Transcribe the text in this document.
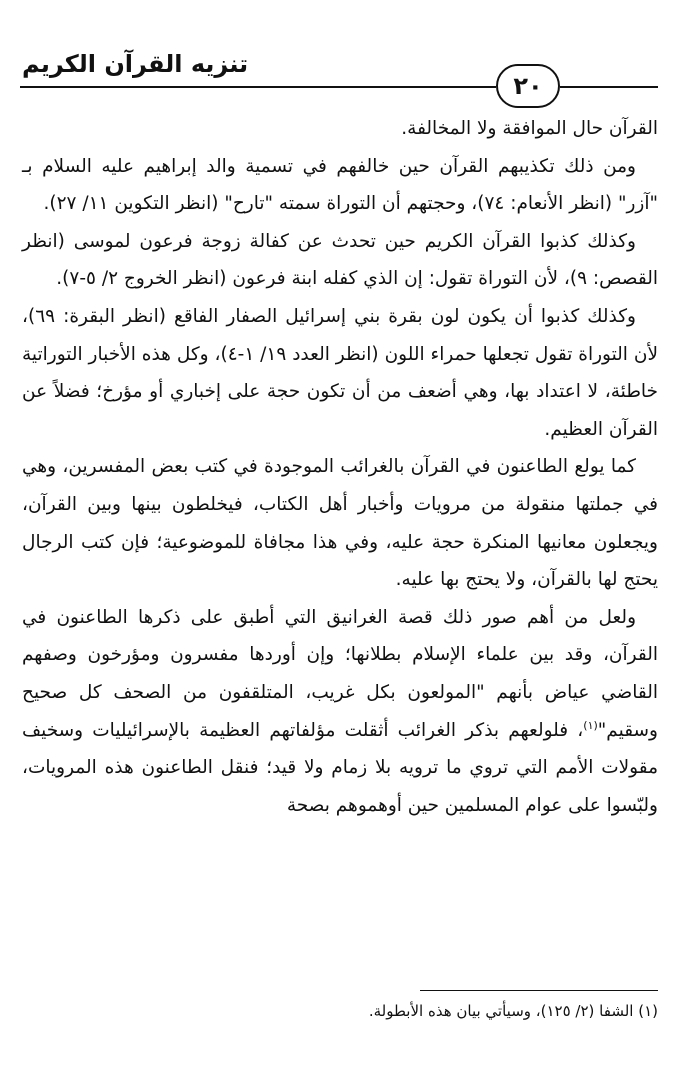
تنزيه القرآن الكريم
٢٠

القرآن حال الموافقة ولا المخالفة.

ومن ذلك تكذيبهم القرآن حين خالفهم في تسمية والد إبراهيم عليه السلام بـ "آزر" (انظر الأنعام: ٧٤)، وحجتهم أن التوراة سمته "تارح" (انظر التكوين ١١/ ٢٧).

وكذلك كذبوا القرآن الكريم حين تحدث عن كفالة زوجة فرعون لموسى (انظر القصص: ٩)، لأن التوراة تقول: إن الذي كفله ابنة فرعون (انظر الخروج ٢/ ٥-٧).

وكذلك كذبوا أن يكون لون بقرة بني إسرائيل الصفار الفاقع (انظر البقرة: ٦٩)، لأن التوراة تقول تجعلها حمراء اللون (انظر العدد ١٩/ ١-٤)، وكل هذه الأخبار التوراتية خاطئة، لا اعتداد بها، وهي أضعف من أن تكون حجة على إخباري أو مؤرخ؛ فضلاً عن القرآن العظيم.

كما يولع الطاعنون في القرآن بالغرائب الموجودة في كتب بعض المفسرين، وهي في جملتها منقولة من مرويات وأخبار أهل الكتاب، فيخلطون بينها وبين القرآن، ويجعلون معانيها المنكرة حجة عليه، وفي هذا مجافاة للموضوعية؛ فإن كتب الرجال يحتج لها بالقرآن، ولا يحتج بها عليه.

ولعل من أهم صور ذلك قصة الغرانيق التي أطبق على ذكرها الطاعنون في القرآن، وقد بين علماء الإسلام بطلانها؛ وإن أوردها مفسرون ومؤرخون وصفهم القاضي عياض بأنهم "المولعون بكل غريب، المتلقفون من الصحف كل صحيح وسقيم"$^{(١)}$، فلولعهم بذكر الغرائب أثقلت مؤلفاتهم العظيمة بالإسرائيليات وسخيف مقولات الأمم التي تروي ما ترويه بلا زمام ولا قيد؛ فنقل الطاعنون هذه المرويات، ولبّسوا على عوام المسلمين حين أوهموهم بصحة

(١) الشفا (٢/ ١٢٥)، وسيأتي بيان هذه الأبطولة.
